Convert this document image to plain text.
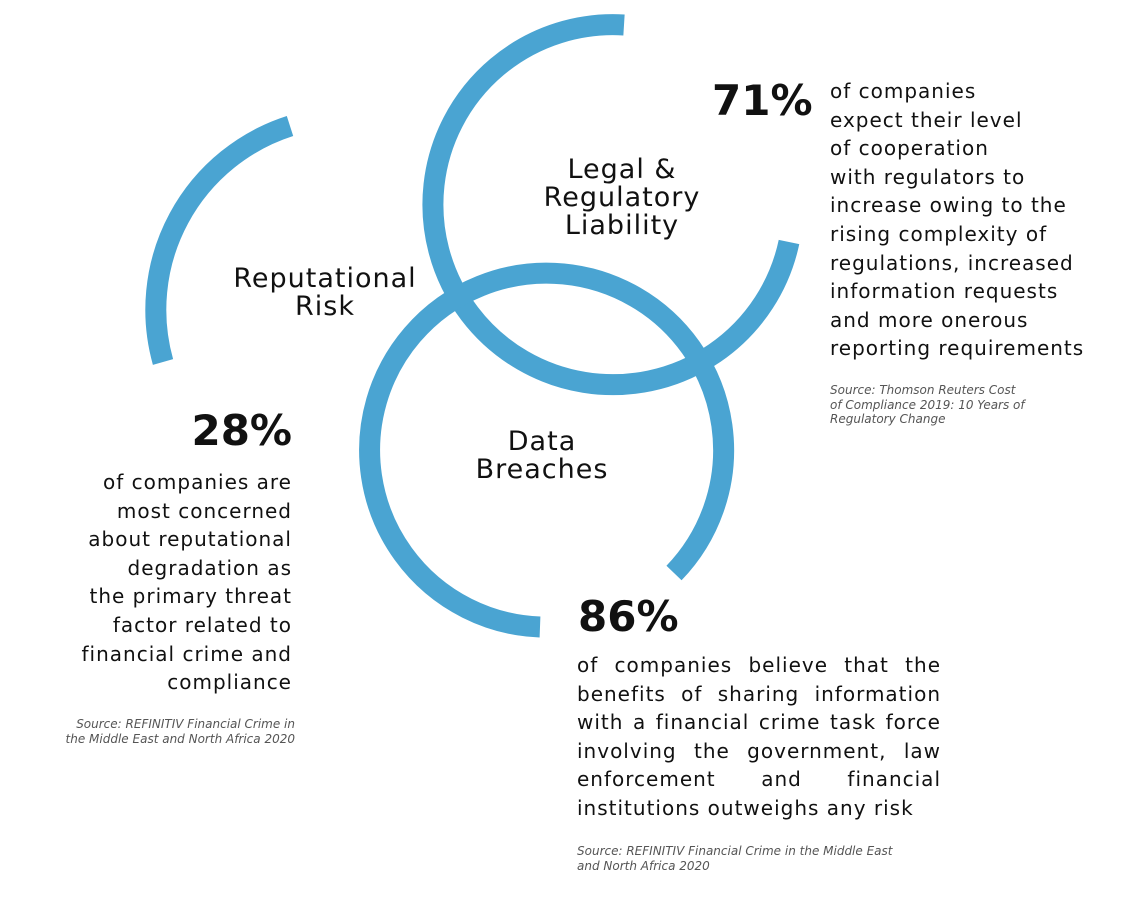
Reputational
Risk
Legal &
Regulatory
Liability
Data
Breaches
71% of companies
expect their level
of cooperation
with regulators to
increase owing to the
rising complexity of
regulations, increased
information requests
and more onerous
reporting requirements
Source: Thomson Reuters Cost
of Compliance 2019: 10 Years of
Regulatory Change
28%
of companies are
most concerned
about reputational
degradation as
the primary threat
factor related to
financial crime and
compliance
Source: REFINITIV Financial Crime in
the Middle East and North Africa 2020
86%
of companies believe that the benefits of sharing information with a financial crime task force involving the government, law enforcement and financial institutions outweighs any risk
Source: REFINITIV Financial Crime in the Middle East
and North Africa 2020
